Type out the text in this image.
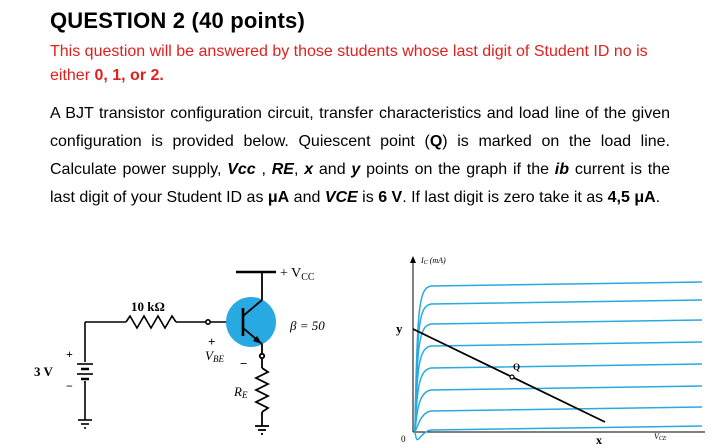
QUESTION 2 (40 points)
This question will be answered by those students whose last digit of Student ID no is either 0, 1, or 2.
A BJT transistor configuration circuit, transfer characteristics and load line of the given configuration is provided below. Quiescent point (Q) is marked on the load line. Calculate power supply, Vcc , RE, x and y points on the graph if the ib current is the last digit of your Student ID as μA and VCE is 6 V. If last digit is zero take it as 4,5 μA.
10 kΩ
3 V
+
−
+ $V_{CC}$
β = 50
+
VBE −
RE
IC (mA)
VCE
0
y
x
Q
